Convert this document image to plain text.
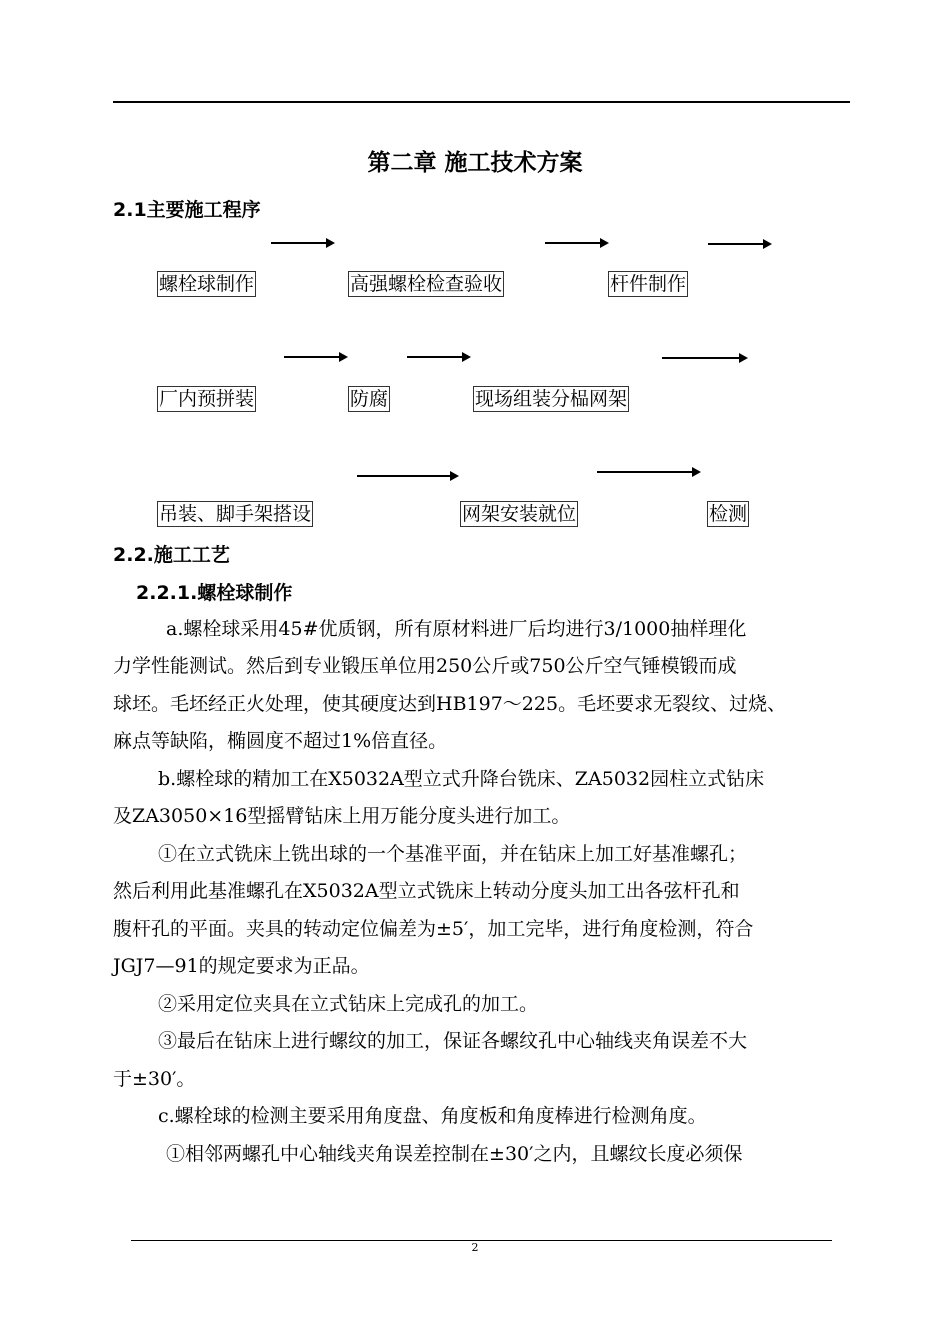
第二章 施工技术方案
2.1主要施工程序
螺栓球制作	高强螺栓检查验收	杆件制作
厂内预拼装	防腐	现场组装分榀网架
吊装、脚手架搭设	网架安装就位	检测
2.2.施工工艺
2.2.1.螺栓球制作
a.螺栓球采用45#优质钢，所有原材料进厂后均进行3/1000抽样理化
力学性能测试。然后到专业锻压单位用250公斤或750公斤空气锤模锻而成
球坯。毛坯经正火处理，使其硬度达到HB197～225。毛坯要求无裂纹、过烧、
麻点等缺陷，椭圆度不超过1%倍直径。
b.螺栓球的精加工在X5032A型立式升降台铣床、ZA5032园柱立式钻床
及ZA3050×16型摇臂钻床上用万能分度头进行加工。
①在立式铣床上铣出球的一个基准平面，并在钻床上加工好基准螺孔；
然后利用此基准螺孔在X5032A型立式铣床上转动分度头加工出各弦杆孔和
腹杆孔的平面。夹具的转动定位偏差为±5′，加工完毕，进行角度检测，符合
JGJ7—91的规定要求为正品。
②采用定位夹具在立式钻床上完成孔的加工。
③最后在钻床上进行螺纹的加工，保证各螺纹孔中心轴线夹角误差不大
于±30′。
c.螺栓球的检测主要采用角度盘、角度板和角度棒进行检测角度。
①相邻两螺孔中心轴线夹角误差控制在±30′之内，且螺纹长度必须保
2
